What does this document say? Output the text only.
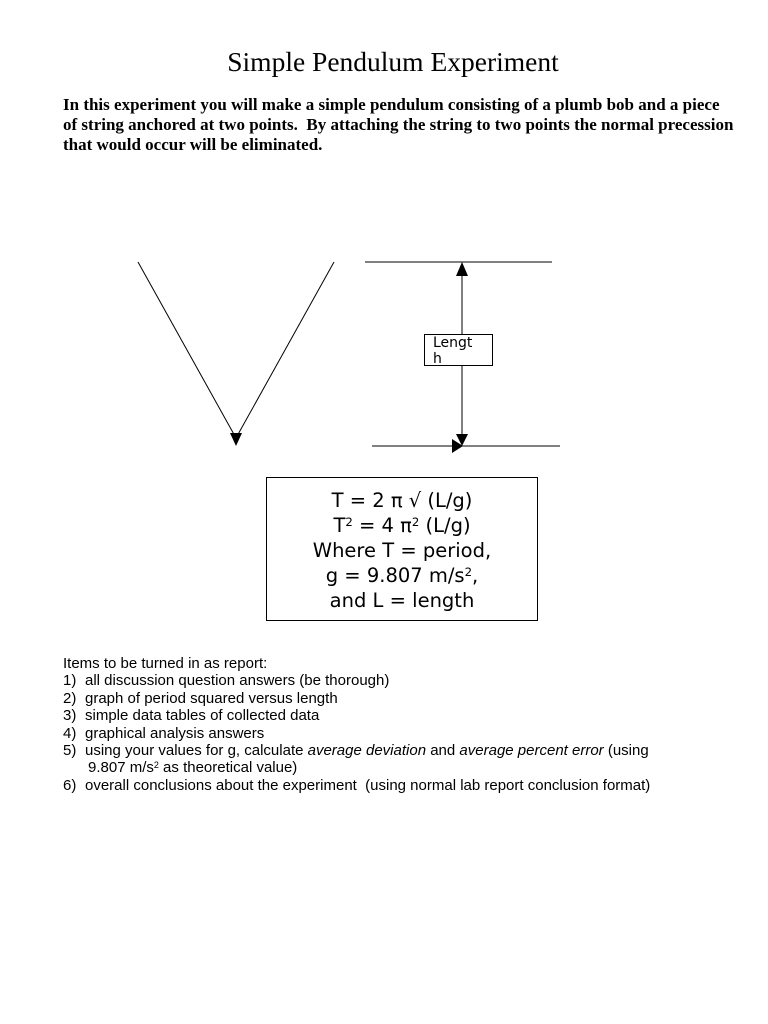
Simple Pendulum Experiment
In this experiment you will make a simple pendulum consisting of a plumb bob and a piece
of string anchored at two points.  By attaching the string to two points the normal precession
that would occur will be eliminated.
Lengt
h
T = 2 π √ (L/g)
$T^2 = 4$ $\pi^2$ (L/g)
Where T = period,
g = 9.807 $m/s^2$,
and L = length
Items to be turned in as report:
1) all discussion question answers (be thorough)
2) graph of period squared versus length
3) simple data tables of collected data
4) graphical analysis answers
5) using your values for g, calculate average deviation and average percent error (using
9.807 $m/s^2$ as theoretical value)
6) overall conclusions about the experiment  (using normal lab report conclusion format)
